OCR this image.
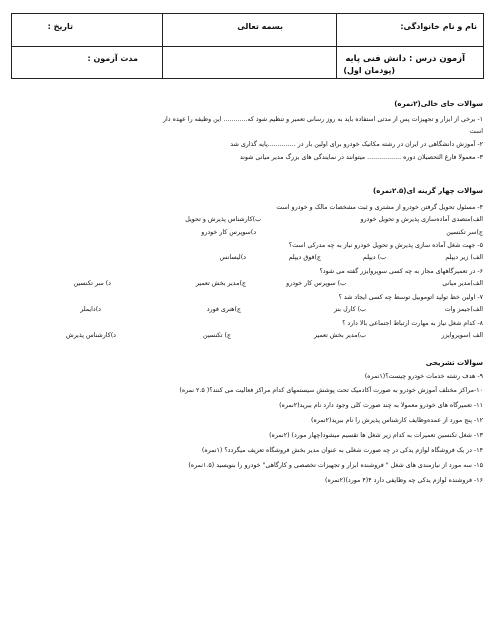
نام و نام خانوادگی:
بسمه تعالی
تاریخ :
آزمون درس : دانش فنی پایه
(پودمان اول)
مدت آزمون :
سوالات جای خالی(۲نمره)
۱- برخی از ابزار و تجهیزات پس از مدتی استفاده باید به روز رسانی تعمیر و تنظیم شود که............ این وظیفه را عهده دار
است
۲- آموزش دانشگاهی در ایران در رشته مکانیک خودرو برای اولین بار در ..............پایه گذاری شد
۳- معمولا فارغ التحصیلان دوره ................. میتوانند در نمایندگی های بزرگ مدیر میانی شوند
سوالات چهار گزینه ای(۲.۵نمره)
۴- مسئول تحویل گرفتن خودرو از مشتری و ثبت مشخصات مالک و خودرو است
الف)متصدی آماده‌سازی پذیرش و تحویل خودرو
ب)کارشناس پذیرش و تحویل
ج)سر تکنسین
د)سوپرس کار خودرو
۵- جهت شغل آماده سازی پذیرش و تحویل خودرو نیاز به چه مدرکی است؟
الف) زیر دیپلم
ب) دیپلم
ج)فوق دیپلم
د)لیسانس
۶- در تعمیرگاههای مجاز به چه کسی سوپروایزر گفته می شود؟
الف)مدیر میانی
ب) سوپرس کار خودرو
ج)مدیر بخش تعمیر
د) سر تکنسین
۷- اولین خط تولید اتوموبیل توسط چه کسی ایجاد شد ؟
الف)جیمز وات
ب) کارل بنز
ج)هنری فورد
د)دایملر
۸- کدام شغل نیاز به مهارت ارتباط اجتماعی بالا دارد ؟
الف )سوپروایزر
ب)مدیر بخش تعمیر
ج) تکنسین
د)کارشناس پذیرش
سوالات تشریحی
۹- هدف رشته خدمات خودرو چیست؟(۱نمره)
۱۰-مراکز مختلف آموزش خودرو به صورت آکادمیک تحت پوشش سیستمهای کدام مراکز فعالیت می کنند؟( ۲.۵ نمره)
۱۱- تعمیرگاه های خودرو معمولا به چند صورت کلی وجود دارد نام ببرید(۲نمره)
۱۲- پنج مورد از عمده‌وظایف کارشناس پذیرش را نام ببرید(۲نمره)
۱۳- شغل تکنسین تعمیرات به کدام زیر شغل ها تقسیم میشود(چهار مورد) (۲نمره)
۱۴- در یک فروشگاه لوازم یدکی در چه صورت شغلی به عنوان مدیر بخش فروشگاه تعریف میگردد؟ (۱نمره)
۱۵- سه مورد از نیازمندی های شغل " فروشنده ابزار و تجهیزات تخصصی و کارگاهی" خودرو را بنویسید (۱.۵نمره)
۱۶- فروشنده لوازم یدکی چه وظایفی دارد ۴(۴ مورد)(۲نمره)
